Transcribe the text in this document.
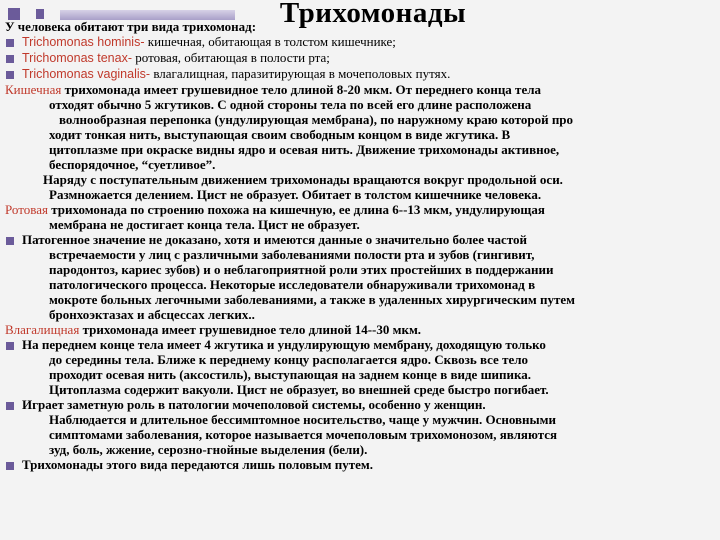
Трихомонады
У человека обитают три вида трихомонад:
Trichomonas hominis- кишечная, обитающая в толстом кишечнике;
Trichomonas tenax- ротовая, обитающая в полости рта;
Trichomonas vaginalis- влагалищная, паразитирующая в мочеполовых путях.
Кишечная трихомонада имеет грушевидное тело длиной 8-20 мкм. От переднего конца тела
отходят обычно 5 жгутиков. С одной стороны тела по всей его длине расположена
волнообразная перепонка (ундулирующая мембрана), по наружному краю которой про
ходит тонкая нить, выступающая своим свободным концом в виде жгутика. В
цитоплазме при окраске видны ядро и осевая нить. Движение трихомонады активное,
беспорядочное, “суетливое”.
Наряду с поступательным движением трихомонады вращаются вокруг продольной оси.
Размножается делением. Цист не образует. Обитает в толстом кишечнике человека.
Ротовая трихомонада по строению похожа на кишечную, ее длина 6--13 мкм, ундулирующая
мембрана не достигает конца тела. Цист не образует.
Патогенное значение не доказано, хотя и имеются данные о значительно более частой
встречаемости у лиц с различными заболеваниями полости рта и зубов (гингивит,
пародонтоз, кариес зубов) и о неблагоприятной роли этих простейших в поддержании
патологического процесса. Некоторые исследователи обнаруживали трихомонад в
мокроте больных легочными заболеваниями, а также в удаленных хирургическим путем
бронхоэктазах и абсцессах легких..
Влагалищная трихомонада имеет грушевидное тело длиной 14--30 мкм.
На переднем конце тела имеет 4 жгутика и ундулирующую мембрану, доходящую только
до середины тела. Ближе к переднему концу располагается ядро. Сквозь все тело
проходит осевая нить (аксостиль), выступающая на заднем конце в виде шипика.
Цитоплазма содержит вакуоли. Цист не образует, во внешней среде быстро погибает.
Играет заметную роль в патологии мочеполовой системы, особенно у женщин.
Наблюдается и длительное бессимптомное носительство, чаще у мужчин. Основными
симптомами заболевания, которое называется мочеполовым трихомонозом, являются
зуд, боль, жжение, серозно-гнойные выделения (бели).
Трихомонады этого вида передаются лишь половым путем.
